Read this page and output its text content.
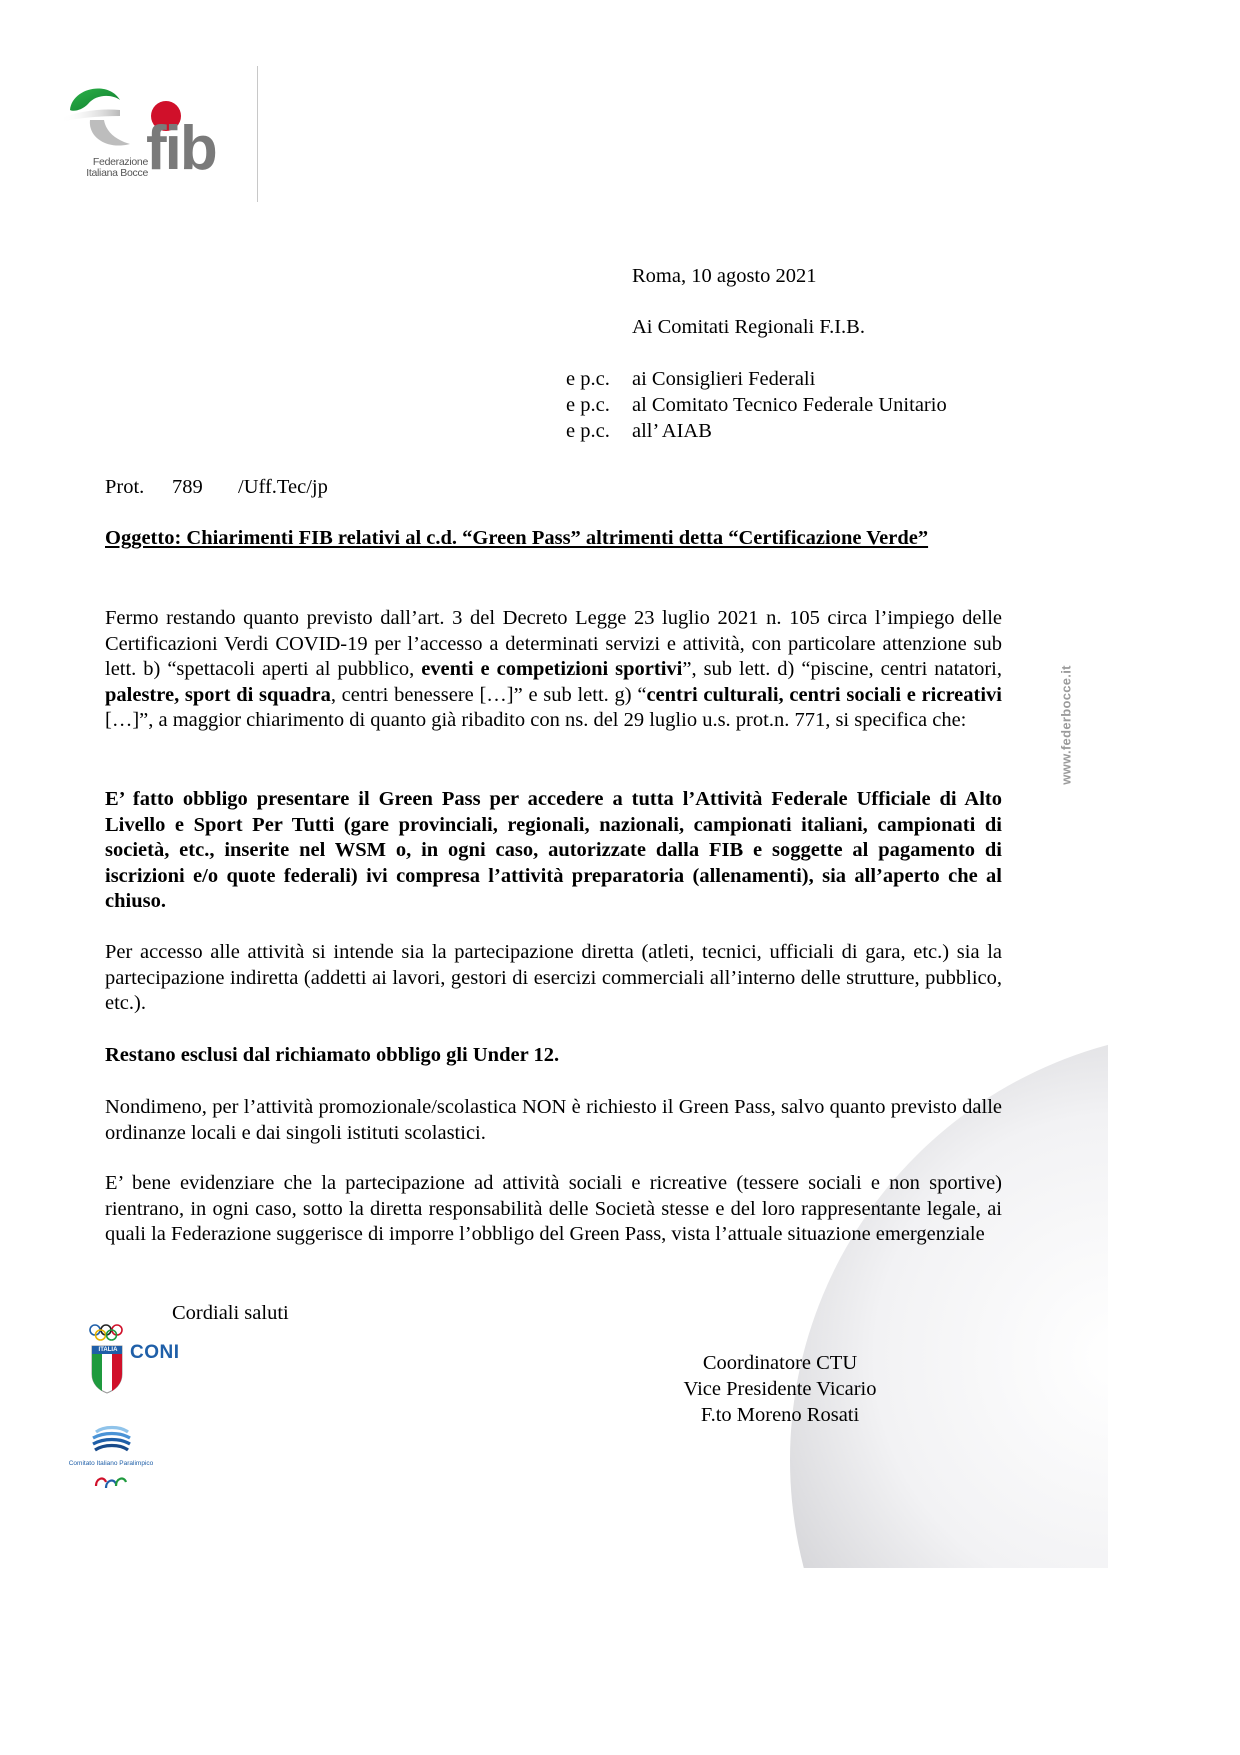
Federazione
Italiana Bocce
fib
www.federbocce.it
Roma, 10 agosto 2021
Ai Comitati Regionali F.I.B.
e p.c. ai Consiglieri Federali
e p.c. al Comitato Tecnico Federale Unitario
e p.c. all’ AIAB
Prot. 789 /Uff.Tec/jp
Oggetto: Chiarimenti FIB relativi al c.d. “Green Pass” altrimenti detta “Certificazione Verde”
Fermo restando quanto previsto dall’art. 3 del Decreto Legge 23 luglio 2021 n. 105 circa l’impiego delle Certificazioni Verdi COVID-19 per l’accesso a determinati servizi e attività, con particolare attenzione sub lett. b) “spettacoli aperti al pubblico, eventi e competizioni sportivi”, sub lett. d) “piscine, centri natatori, palestre, sport di squadra, centri benessere […]” e sub lett. g) “centri culturali, centri sociali e ricreativi […]”, a maggior chiarimento di quanto già ribadito con ns. del 29 luglio u.s. prot.n. 771, si specifica che:
E’ fatto obbligo presentare il Green Pass per accedere a tutta l’Attività Federale Ufficiale di Alto Livello e Sport Per Tutti (gare provinciali, regionali, nazionali, campionati italiani, campionati di società, etc., inserite nel WSM o, in ogni caso, autorizzate dalla FIB e soggette al pagamento di iscrizioni e/o quote federali) ivi compresa l’attività preparatoria (allenamenti), sia all’aperto che al chiuso.
Per accesso alle attività si intende sia la partecipazione diretta (atleti, tecnici, ufficiali di gara, etc.) sia la partecipazione indiretta (addetti ai lavori, gestori di esercizi commerciali all’interno delle strutture, pubblico, etc.).
Restano esclusi dal richiamato obbligo gli Under 12.
Nondimeno, per l’attività promozionale/scolastica NON è richiesto il Green Pass, salvo quanto previsto dalle ordinanze locali e dai singoli istituti scolastici.
E’ bene evidenziare che la partecipazione ad attività sociali e ricreative (tessere sociali e non sportive) rientrano, in ogni caso, sotto la diretta responsabilità delle Società stesse e del loro rappresentante legale, ai quali la Federazione suggerisce di imporre l’obbligo del Green Pass, vista l’attuale situazione emergenziale
Cordiali saluti
ITALIA CONI
Comitato Italiano Paralimpico
Coordinatore CTU
Vice Presidente Vicario
F.to Moreno Rosati
